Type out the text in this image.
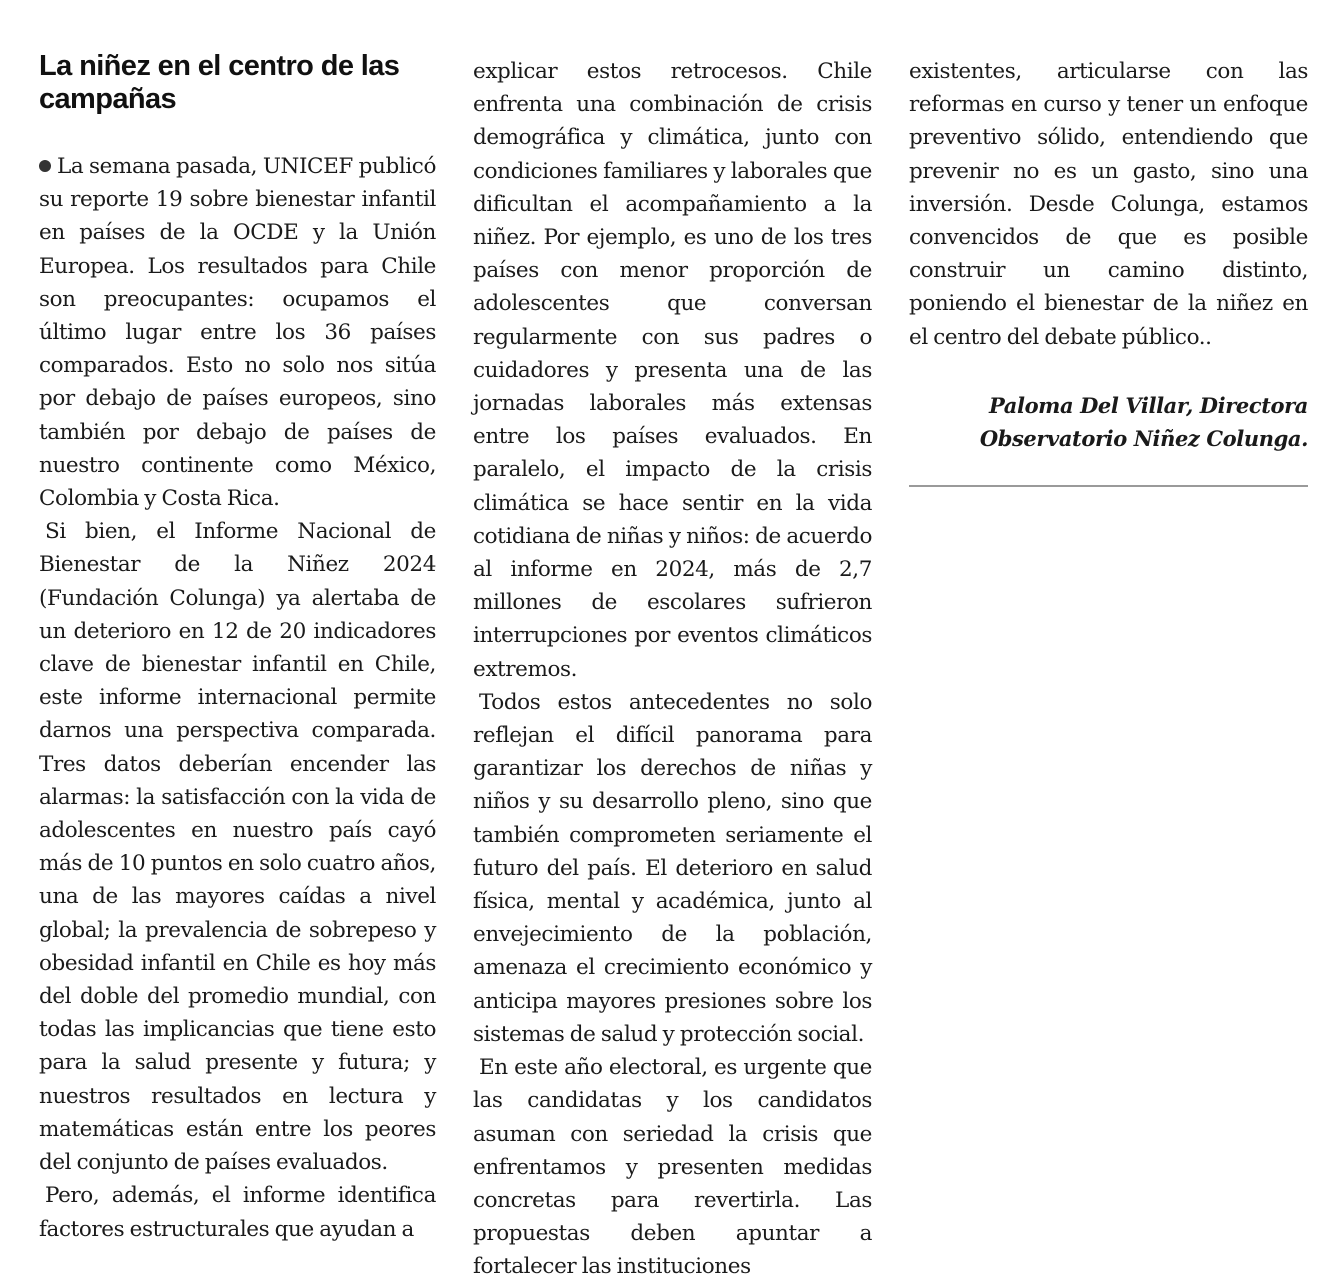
La niñez en el centro de las campañas

La semana pasada, UNICEF publicó su reporte 19 sobre bienestar infantil en países de la OCDE y la Unión Europea. Los resultados para Chile son preocupantes: ocupamos el último lugar entre los 36 países comparados. Esto no solo nos sitúa por debajo de países europeos, sino también por debajo de países de nuestro continente como México, Colombia y Costa Rica.

Si bien, el Informe Nacional de Bienestar de la Niñez 2024 (Fundación Colunga) ya alertaba de un deterioro en 12 de 20 indicadores clave de bienestar infantil en Chile, este informe internacional permite darnos una perspectiva comparada. Tres datos deberían encender las alarmas: la satisfacción con la vida de adolescentes en nuestro país cayó más de 10 puntos en solo cuatro años, una de las mayores caídas a nivel global; la prevalencia de sobrepeso y obesidad infantil en Chile es hoy más del doble del promedio mundial, con todas las implicancias que tiene esto para la salud presente y futura; y nuestros resultados en lectura y matemáticas están entre los peores del conjunto de países evaluados.

Pero, además, el informe identifica factores estructurales que ayudan a

explicar estos retrocesos. Chile enfrenta una combinación de crisis demográfica y climática, junto con condiciones familiares y laborales que dificultan el acompañamiento a la niñez. Por ejemplo, es uno de los tres países con menor proporción de adolescentes que conversan regularmente con sus padres o cuidadores y presenta una de las jornadas laborales más extensas entre los países evaluados. En paralelo, el impacto de la crisis climática se hace sentir en la vida cotidiana de niñas y niños: de acuerdo al informe en 2024, más de 2,7 millones de escolares sufrieron interrupciones por eventos climáticos extremos.

Todos estos antecedentes no solo reflejan el difícil panorama para garantizar los derechos de niñas y niños y su desarrollo pleno, sino que también comprometen seriamente el futuro del país. El deterioro en salud física, mental y académica, junto al envejecimiento de la población, amenaza el crecimiento económico y anticipa mayores presiones sobre los sistemas de salud y protección social.

En este año electoral, es urgente que las candidatas y los candidatos asuman con seriedad la crisis que enfrentamos y presenten medidas concretas para revertirla. Las propuestas deben apuntar a fortalecer las instituciones

existentes, articularse con las reformas en curso y tener un enfoque preventivo sólido, entendiendo que prevenir no es un gasto, sino una inversión. Desde Colunga, estamos convencidos de que es posible construir un camino distinto, poniendo el bienestar de la niñez en el centro del debate público..

Paloma Del Villar, Directora
Observatorio Niñez Colunga.
